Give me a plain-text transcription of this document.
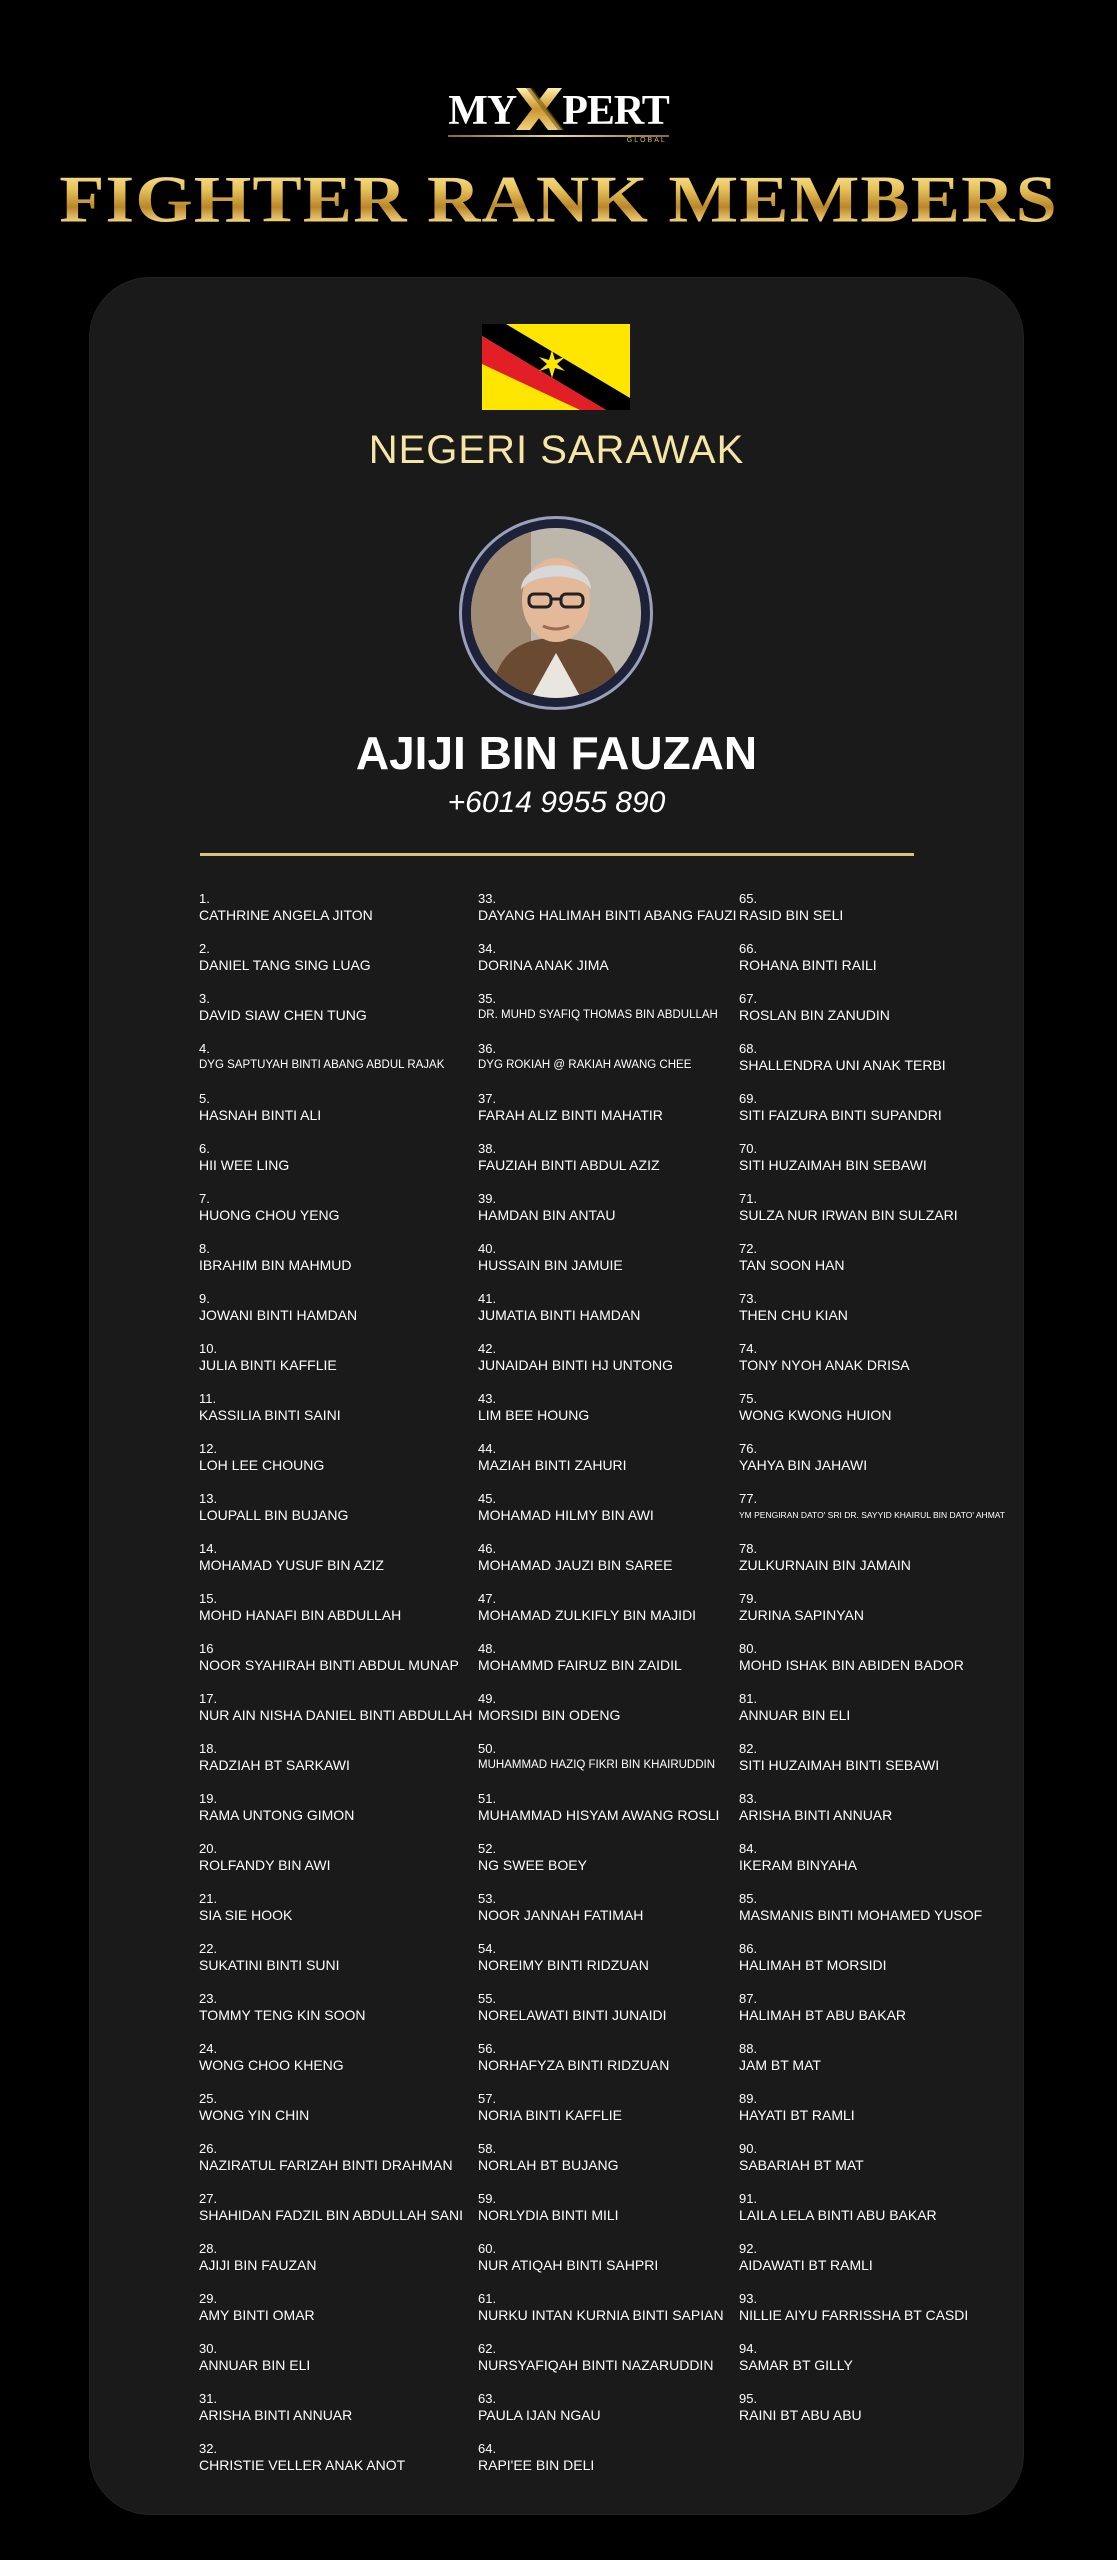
MY PERT
GLOBAL
FIGHTER RANK MEMBERS
NEGERI SARAWAK
AJIJI BIN FAUZAN
+6014 9955 890
1.
CATHRINE ANGELA JITON
2.
DANIEL TANG SING LUAG
3.
DAVID SIAW CHEN TUNG
4.
DYG SAPTUYAH BINTI ABANG ABDUL RAJAK
5.
HASNAH BINTI ALI
6.
HII WEE LING
7.
HUONG CHOU YENG
8.
IBRAHIM BIN MAHMUD
9.
JOWANI BINTI HAMDAN
10.
JULIA BINTI KAFFLIE
11.
KASSILIA BINTI SAINI
12.
LOH LEE CHOUNG
13.
LOUPALL BIN BUJANG
14.
MOHAMAD YUSUF BIN AZIZ
15.
MOHD HANAFI BIN ABDULLAH
16
NOOR SYAHIRAH BINTI ABDUL MUNAP
17.
NUR AIN NISHA DANIEL BINTI ABDULLAH
18.
RADZIAH BT SARKAWI
19.
RAMA UNTONG GIMON
20.
ROLFANDY BIN AWI
21.
SIA SIE HOOK
22.
SUKATINI BINTI SUNI
23.
TOMMY TENG KIN SOON
24.
WONG CHOO KHENG
25.
WONG YIN CHIN
26.
NAZIRATUL FARIZAH BINTI DRAHMAN
27.
SHAHIDAN FADZIL BIN ABDULLAH SANI
28.
AJIJI BIN FAUZAN
29.
AMY BINTI OMAR
30.
ANNUAR BIN ELI
31.
ARISHA BINTI ANNUAR
32.
CHRISTIE VELLER ANAK ANOT
33.
DAYANG HALIMAH BINTI ABANG FAUZI
34.
DORINA ANAK JIMA
35.
DR. MUHD SYAFIQ THOMAS BIN ABDULLAH
36.
DYG ROKIAH @ RAKIAH AWANG CHEE
37.
FARAH ALIZ BINTI MAHATIR
38.
FAUZIAH BINTI ABDUL AZIZ
39.
HAMDAN BIN ANTAU
40.
HUSSAIN BIN JAMUIE
41.
JUMATIA BINTI HAMDAN
42.
JUNAIDAH BINTI HJ UNTONG
43.
LIM BEE HOUNG
44.
MAZIAH BINTI ZAHURI
45.
MOHAMAD HILMY BIN AWI
46.
MOHAMAD JAUZI BIN SAREE
47.
MOHAMAD ZULKIFLY BIN MAJIDI
48.
MOHAMMD FAIRUZ BIN ZAIDIL
49.
MORSIDI BIN ODENG
50.
MUHAMMAD HAZIQ FIKRI BIN KHAIRUDDIN
51.
MUHAMMAD HISYAM AWANG ROSLI
52.
NG SWEE BOEY
53.
NOOR JANNAH FATIMAH
54.
NOREIMY BINTI RIDZUAN
55.
NORELAWATI BINTI JUNAIDI
56.
NORHAFYZA BINTI RIDZUAN
57.
NORIA BINTI KAFFLIE
58.
NORLAH BT BUJANG
59.
NORLYDIA BINTI MILI
60.
NUR ATIQAH BINTI SAHPRI
61.
NURKU INTAN KURNIA BINTI SAPIAN
62.
NURSYAFIQAH BINTI NAZARUDDIN
63.
PAULA IJAN NGAU
64.
RAPI'EE BIN DELI
65.
RASID BIN SELI
66.
ROHANA BINTI RAILI
67.
ROSLAN BIN ZANUDIN
68.
SHALLENDRA UNI ANAK TERBI
69.
SITI FAIZURA BINTI SUPANDRI
70.
SITI HUZAIMAH BIN SEBAWI
71.
SULZA NUR IRWAN BIN SULZARI
72.
TAN SOON HAN
73.
THEN CHU KIAN
74.
TONY NYOH ANAK DRISA
75.
WONG KWONG HUION
76.
YAHYA BIN JAHAWI
77.
YM PENGIRAN DATO' SRI DR. SAYYID KHAIRUL BIN DATO' AHMAT
78.
ZULKURNAIN BIN JAMAIN
79.
ZURINA SAPINYAN
80.
MOHD ISHAK BIN ABIDEN BADOR
81.
ANNUAR BIN ELI
82.
SITI HUZAIMAH BINTI SEBAWI
83.
ARISHA BINTI ANNUAR
84.
IKERAM BINYAHA
85.
MASMANIS BINTI MOHAMED YUSOF
86.
HALIMAH BT MORSIDI
87.
HALIMAH BT ABU BAKAR
88.
JAM BT MAT
89.
HAYATI BT RAMLI
90.
SABARIAH BT MAT
91.
LAILA LELA BINTI ABU BAKAR
92.
AIDAWATI BT RAMLI
93.
NILLIE AIYU FARRISSHA BT CASDI
94.
SAMAR BT GILLY
95.
RAINI BT ABU ABU
